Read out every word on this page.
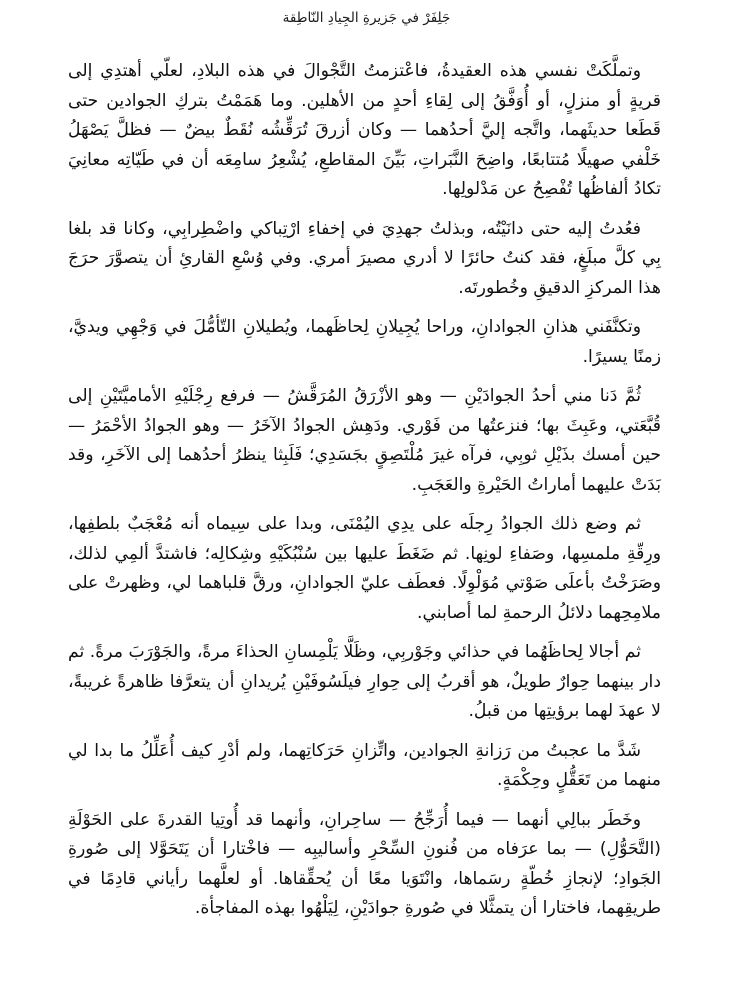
جَلِفَرْ في جَزيرةِ الجِيادِ النّاطِقة

وتملَّكَتْ نفسي هذه العقيدةُ، فاعْتزمتُ التَّجْوالَ في هذه البلادِ، لعلّي أهتدِي إلى قريةٍ أو منزلٍ، أو أُوَفَّقُ إلى لِقاءِ أحدٍ من الأهلين. وما هَمَمْتُ بتركِ الجوادين حتى قَطَعا حديثَهما، واتَّجه إليَّ أحدُهما — وكان أزرقَ تُرَقِّشُه نُقَطٌ بيضٌ — فظلَّ يَصْهَلُ خَلْفي صهيلًا مُتتابعًا، واضِحَ النَّبَراتِ، بَيِّنَ المقاطعِ، يُشْعِرُ سامِعَه أن في طَيّاتِه معانِيَ تكادُ ألفاظُها تُفْصِحُ عن مَدْلولِها.

فعُدتُ إليه حتى دانَيْتُه، وبذلتُ جهدِيَ في إخفاءِ ارْتِباكي واضْطِرابِي، وكانا قد بلغا بِي كلَّ مبلَغٍ، فقد كنتُ حائرًا لا أدري مصيرَ أمري. وفي وُسْعِ القارئِ أن يتصوَّرَ حرَجَ هذا المركزِ الدقيقِ وخُطورتَه.

وتكنَّفَني هذانِ الجوادانِ، وراحا يُجِيلانِ لِحاظَهما، ويُطيلانِ التّأمُّلَ في وَجْهِي ويديَّ، زمنًا يسيرًا.

ثُمَّ دَنا مني أحدُ الجوادَيْنِ — وهو الأزْرَقُ المُرَقَّشُ — فرفع رِجْلَيْهِ الأماميَّتَيْنِ إلى قُبَّعَتي، وعَبِثَ بها؛ فنزعتُها من فَوْري. ودَهِش الجوادُ الآخَرُ — وهو الجوادُ الأحْمَرُ — حين أمسك بذَيْلِ ثوبِي، فرآه غيرَ مُلْتَصِقٍ بجَسَدِي؛ فَلَبِثا ينظرُ أحدُهما إلى الآخَرِ، وقد بَدَتْ عليهما أماراتُ الحَيْرةِ والعَجَبِ.

ثم وضع ذلك الجوادُ رِجلَه على يدِي اليُمْنَى، وبدا على سِيماه أنه مُعْجَبٌ بلطفِها، ورِقّةِ ملمسِها، وصَفاءِ لونِها. ثم ضَغَطَ عليها بين سُنْبُكَيْهِ وشِكالِه؛ فاشتدَّ ألمِي لذلك، وصَرَخْتُ بأعلَى صَوْتي مُوَلْوِلًا. فعطَف عليّ الجوادانِ، ورقَّ قلباهما لي، وظهرتْ على ملامِحِهما دلائلُ الرحمةِ لما أصابني.

ثم أجالا لِحاظَهُما في حذائي وجَوْربِي، وظَلَّا يَلْمِسانِ الحذاءَ مرةً، والجَوْرَبَ مرةً. ثم دار بينهما حِوارٌ طويلٌ، هو أقربُ إلى حِوارِ فيلَسُوفَيْنِ يُريدانِ أن يتعرَّفا ظاهرةً غريبةً، لا عهدَ لهما برؤيتِها من قبلُ.

شَدَّ ما عجبتُ من رَزانةِ الجوادين، واتِّزانِ حَرَكاتِهما، ولم أدْرِ كيف أُعَلِّلُ ما بدا لي منهما من تَعَقُّلٍ وحِكْمَةٍ.

وخَطَر ببالِي أنهما — فيما أُرَجِّحُ — ساحِرانِ، وأنهما قد أُوتِيا القدرةَ على الحَوْلَةِ (التَّحَوُّلِ) — بما عرَفاه من فُنونِ السِّحْرِ وأساليبِه — فاخْتارا أن يَتَحَوَّلا إلى صُورةِ الجَوادِ؛ لإنجازِ خُطّةٍ رسَماها، وانْتَوَيا معًا أن يُحقِّقاها. أو لعلَّهما رأياني قادِمًا في طريقِهما، فاختارا أن يتمثَّلا في صُورةِ جوادَيْنِ، لِيَلْهُوا بهذه المفاجأة.
